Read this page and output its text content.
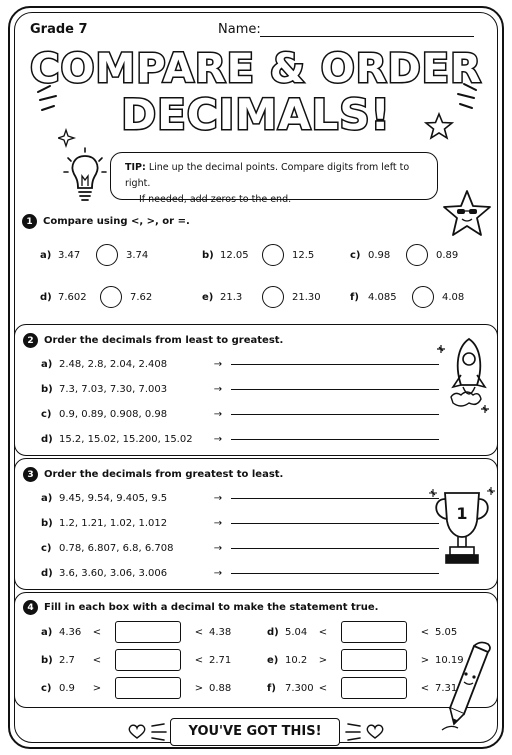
Grade 7	Name:
COMPARE & ORDER
DECIMALS!
TIP: Line up the decimal points. Compare digits from left to right.
If needed, add zeros to the end.
1	Compare using <, >, or =.
a) 3.47	3.74	b) 12.05	12.5	c) 0.98	0.89
d) 7.602	7.62	e) 21.3	21.30	f) 4.085	4.08
2	Order the decimals from least to greatest.
a) 2.48, 2.8, 2.04, 2.408	→
b) 7.3, 7.03, 7.30, 7.003	→
c) 0.9, 0.89, 0.908, 0.98	→
d) 15.2, 15.02, 15.200, 15.02	→
3	Order the decimals from greatest to least.
a) 9.45, 9.54, 9.405, 9.5	→
b) 1.2, 1.21, 1.02, 1.012	→
c) 0.78, 6.807, 6.8, 6.708	→
d) 3.6, 3.60, 3.06, 3.006	→
1
4	Fill in each box with a decimal to make the statement true.
a) 4.36	<	< 4.38	d) 5.04	<	< 5.05
b) 2.7	<	< 2.71	e) 10.2	>	> 10.19
c) 0.9	>	> 0.88	f) 7.300 <	< 7.31
YOU'VE GOT THIS!
